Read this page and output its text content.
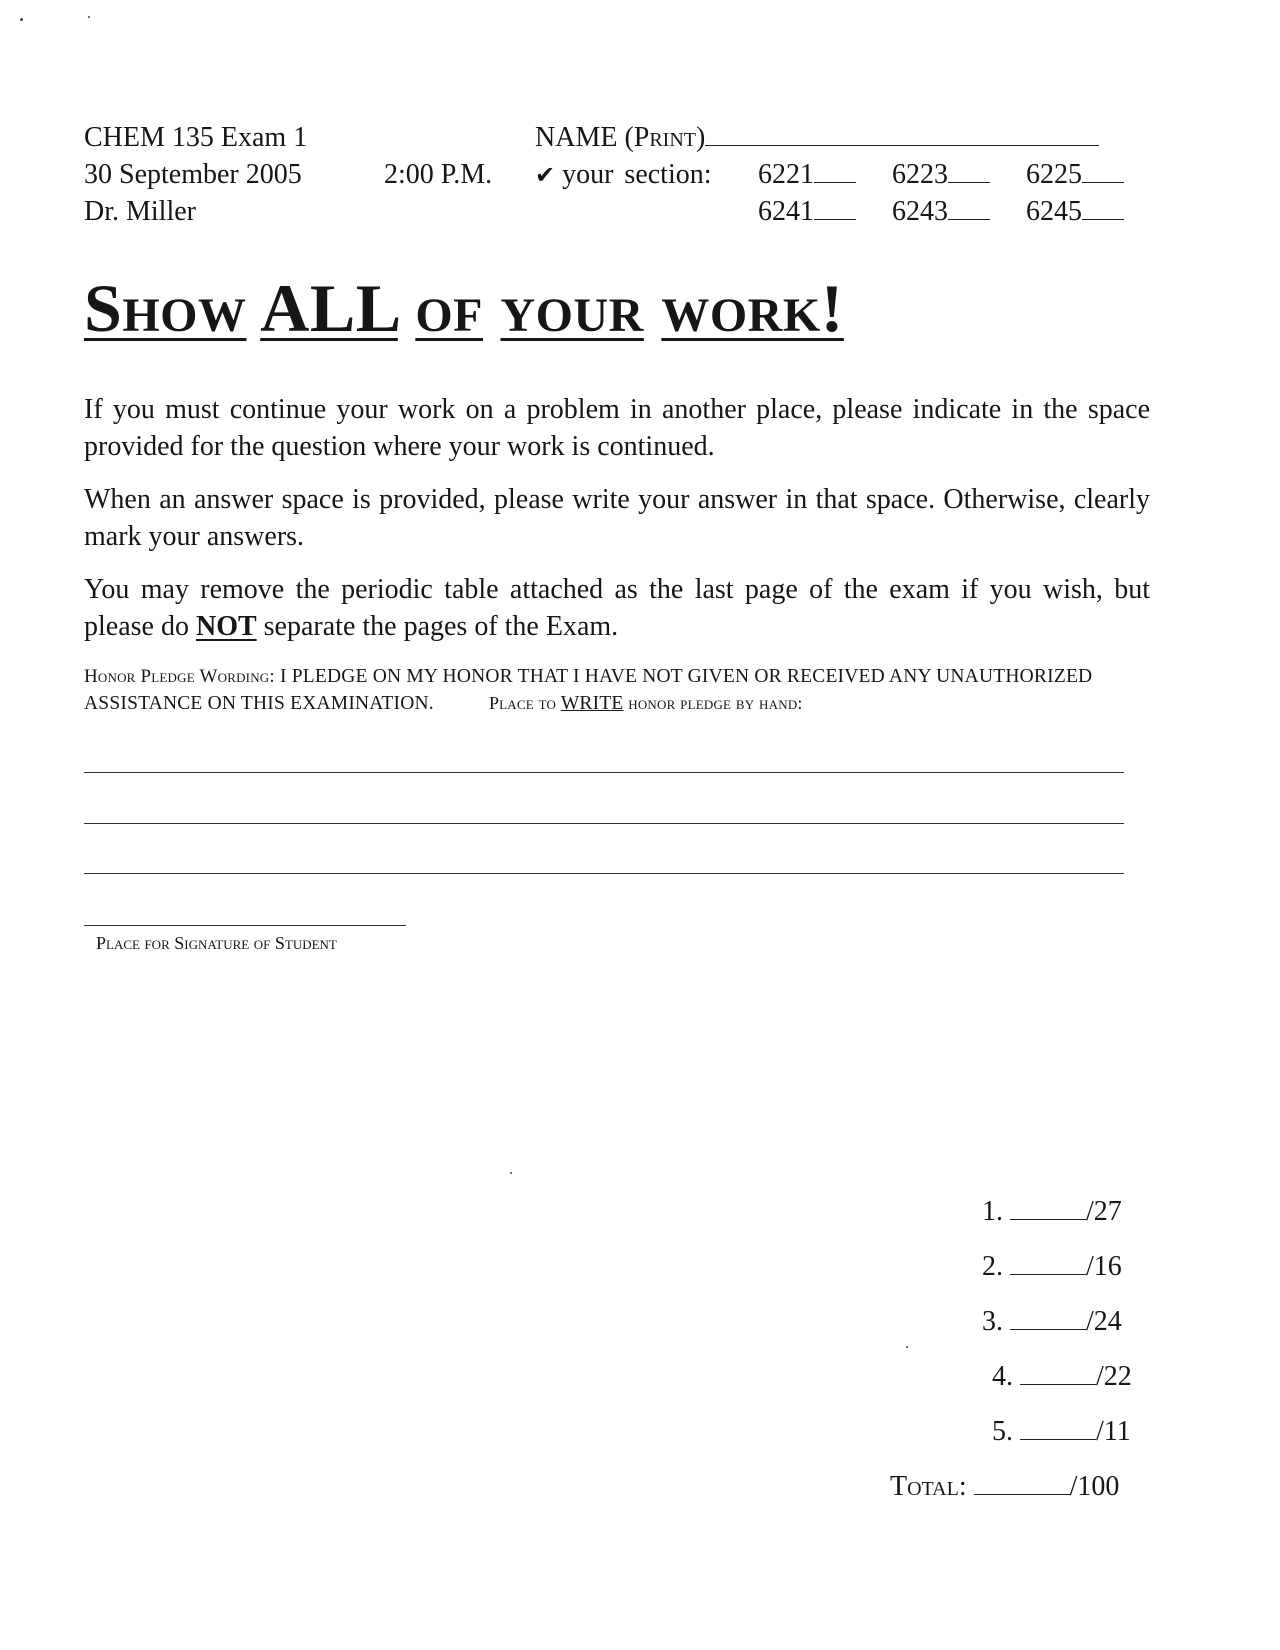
CHEM 135 Exam 1
30 September 2005
Dr. Miller
2:00 P.M.
NAME (Print)
✔ your section: 6221	6223	6225
6241	6243	6245
Show ALL of your work!
If you must continue your work on a problem in another place, please indicate in the space provided for the question where your work is continued.
When an answer space is provided, please write your answer in that space. Otherwise, clearly mark your answers.
You may remove the periodic table attached as the last page of the exam if you wish, but please do NOT separate the pages of the Exam.
Honor Pledge Wording: I PLEDGE ON MY HONOR THAT I HAVE NOT GIVEN OR RECEIVED ANY UNAUTHORIZED ASSISTANCE ON THIS EXAMINATION.	Place to WRITE honor pledge by hand:
Place for Signature of Student
1.	/27
2.	/16
3.	/24
4.	/22
5.	/11
Total:	/100
